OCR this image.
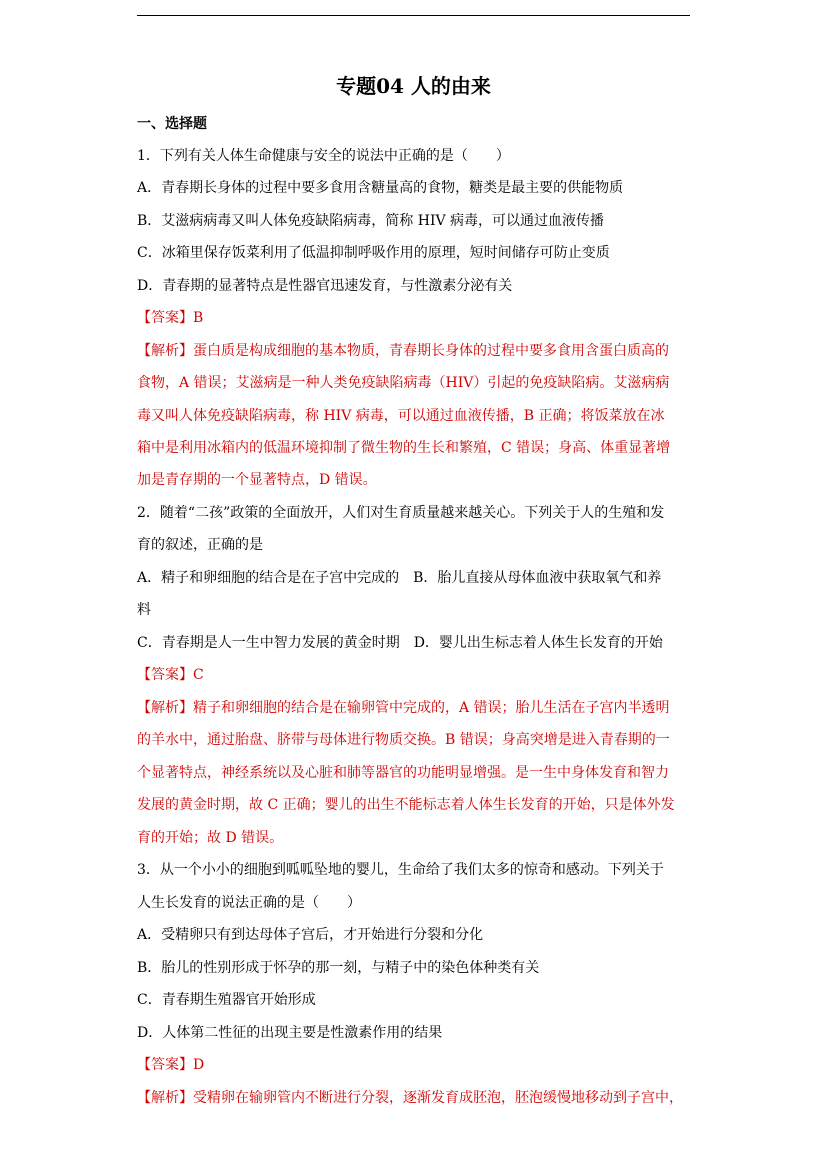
专题04 人的由来
一、选择题
1．下列有关人体生命健康与安全的说法中正确的是（　　）
A．青春期长身体的过程中要多食用含糖量高的食物，糖类是最主要的供能物质
B．艾滋病病毒又叫人体免疫缺陷病毒，简称 HIV 病毒，可以通过血液传播
C．冰箱里保存饭菜利用了低温抑制呼吸作用的原理，短时间储存可防止变质
D．青春期的显著特点是性器官迅速发育，与性激素分泌有关
【答案】B
【解析】蛋白质是构成细胞的基本物质，青春期长身体的过程中要多食用含蛋白质高的
食物，A 错误；艾滋病是一种人类免疫缺陷病毒（HIV）引起的免疫缺陷病。艾滋病病
毒又叫人体免疫缺陷病毒，称 HIV 病毒，可以通过血液传播，B 正确；将饭菜放在冰
箱中是利用冰箱内的低温环境抑制了微生物的生长和繁殖，C 错误；身高、体重显著增
加是青存期的一个显著特点，D 错误。
2．随着“二孩”政策的全面放开，人们对生育质量越来越关心。下列关于人的生殖和发
育的叙述，正确的是
A．精子和卵细胞的结合是在子宫中完成的　B．胎儿直接从母体血液中获取氧气和养
料
C．青春期是人一生中智力发展的黄金时期　D．婴儿出生标志着人体生长发育的开始
【答案】C
【解析】精子和卵细胞的结合是在输卵管中完成的，A 错误；胎儿生活在子宫内半透明
的羊水中，通过胎盘、脐带与母体进行物质交换。B 错误；身高突增是进入青春期的一
个显著特点，神经系统以及心脏和肺等器官的功能明显增强。是一生中身体发育和智力
发展的黄金时期，故 C 正确；婴儿的出生不能标志着人体生长发育的开始，只是体外发
育的开始；故 D 错误。
3．从一个小小的细胞到呱呱坠地的婴儿，生命给了我们太多的惊奇和感动。下列关于
人生长发育的说法正确的是（　　）
A．受精卵只有到达母体子宫后，才开始进行分裂和分化
B．胎儿的性别形成于怀孕的那一刻，与精子中的染色体种类有关
C．青春期生殖器官开始形成
D．人体第二性征的出现主要是性激素作用的结果
【答案】D
【解析】受精卵在输卵管内不断进行分裂，逐渐发育成胚泡，胚泡缓慢地移动到子宫中，
